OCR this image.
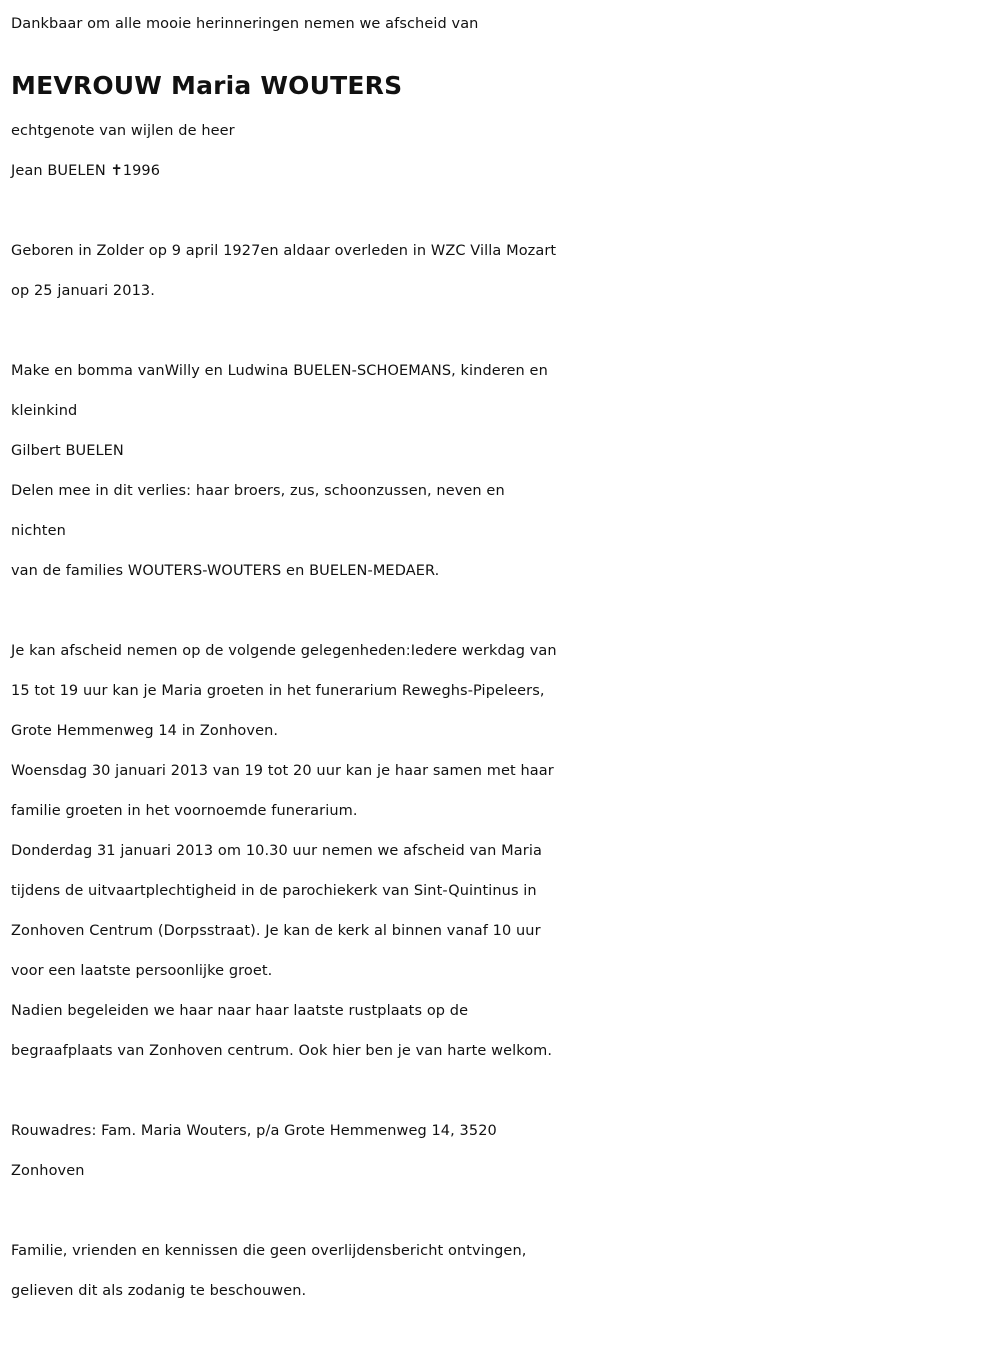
Dankbaar om alle mooie herinneringen nemen we afscheid van
MEVROUW Maria WOUTERS
echtgenote van wijlen de heer
Jean BUELEN ✝1996
Geboren in Zolder op 9 april 1927en aldaar overleden in WZC Villa Mozart
op 25 januari 2013.
Make en bomma vanWilly en Ludwina BUELEN-SCHOEMANS, kinderen en
kleinkind
Gilbert BUELEN
Delen mee in dit verlies: haar broers, zus, schoonzussen, neven en
nichten
van de families WOUTERS-WOUTERS en BUELEN-MEDAER.
Je kan afscheid nemen op de volgende gelegenheden:Iedere werkdag van
15 tot 19 uur kan je Maria groeten in het funerarium Reweghs-Pipeleers,
Grote Hemmenweg 14 in Zonhoven.
Woensdag 30 januari 2013 van 19 tot 20 uur kan je haar samen met haar
familie groeten in het voornoemde funerarium.
Donderdag 31 januari 2013 om 10.30 uur nemen we afscheid van Maria
tijdens de uitvaartplechtigheid in de parochiekerk van Sint-Quintinus in
Zonhoven Centrum (Dorpsstraat). Je kan de kerk al binnen vanaf 10 uur
voor een laatste persoonlijke groet.
Nadien begeleiden we haar naar haar laatste rustplaats op de
begraafplaats van Zonhoven centrum. Ook hier ben je van harte welkom.
Rouwadres: Fam. Maria Wouters, p/a Grote Hemmenweg 14, 3520
Zonhoven
Familie, vrienden en kennissen die geen overlijdensbericht ontvingen,
gelieven dit als zodanig te beschouwen.
